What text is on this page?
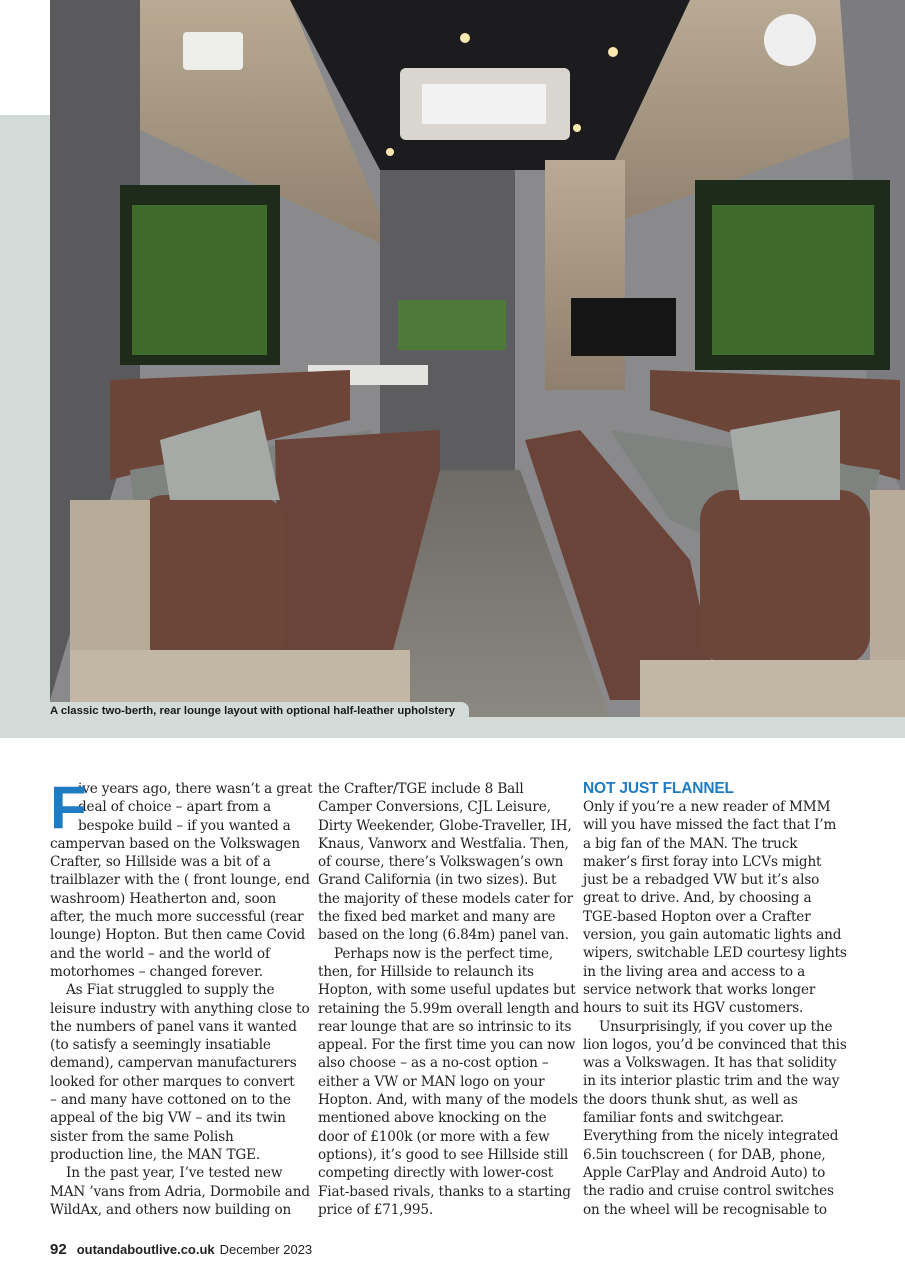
A classic two-berth, rear lounge layout with optional half-leather upholstery
F
ive years ago, there wasn’t a great
deal of choice – apart from a
bespoke build – if you wanted a
campervan based on the Volkswagen
Crafter, so Hillside was a bit of a
trailblazer with the ( front lounge, end
washroom) Heatherton and, soon
after, the much more successful (rear
lounge) Hopton. But then came Covid
and the world – and the world of
motorhomes – changed forever.
As Fiat struggled to supply the
leisure industry with anything close to
the numbers of panel vans it wanted
(to satisfy a seemingly insatiable
demand), campervan manufacturers
looked for other marques to convert
– and many have cottoned on to the
appeal of the big VW – and its twin
sister from the same Polish
production line, the MAN TGE.
In the past year, I’ve tested new
MAN ’vans from Adria, Dormobile and
WildAx, and others now building on
the Crafter/TGE include 8 Ball
Camper Conversions, CJL Leisure,
Dirty Weekender, Globe-Traveller, IH,
Knaus, Vanworx and Westfalia. Then,
of course, there’s Volkswagen’s own
Grand California (in two sizes). But
the majority of these models cater for
the fixed bed market and many are
based on the long (6.84m) panel van.
Perhaps now is the perfect time,
then, for Hillside to relaunch its
Hopton, with some useful updates but
retaining the 5.99m overall length and
rear lounge that are so intrinsic to its
appeal. For the first time you can now
also choose – as a no-cost option –
either a VW or MAN logo on your
Hopton. And, with many of the models
mentioned above knocking on the
door of £100k (or more with a few
options), it’s good to see Hillside still
competing directly with lower-cost
Fiat-based rivals, thanks to a starting
price of £71,995.
NOT JUST FLANNEL
Only if you’re a new reader of MMM
will you have missed the fact that I’m
a big fan of the MAN. The truck
maker’s first foray into LCVs might
just be a rebadged VW but it’s also
great to drive. And, by choosing a
TGE-based Hopton over a Crafter
version, you gain automatic lights and
wipers, switchable LED courtesy lights
in the living area and access to a
service network that works longer
hours to suit its HGV customers.
Unsurprisingly, if you cover up the
lion logos, you’d be convinced that this
was a Volkswagen. It has that solidity
in its interior plastic trim and the way
the doors thunk shut, as well as
familiar fonts and switchgear.
Everything from the nicely integrated
6.5in touchscreen ( for DAB, phone,
Apple CarPlay and Android Auto) to
the radio and cruise control switches
on the wheel will be recognisable to
92 outandaboutlive.co.uk December 2023
